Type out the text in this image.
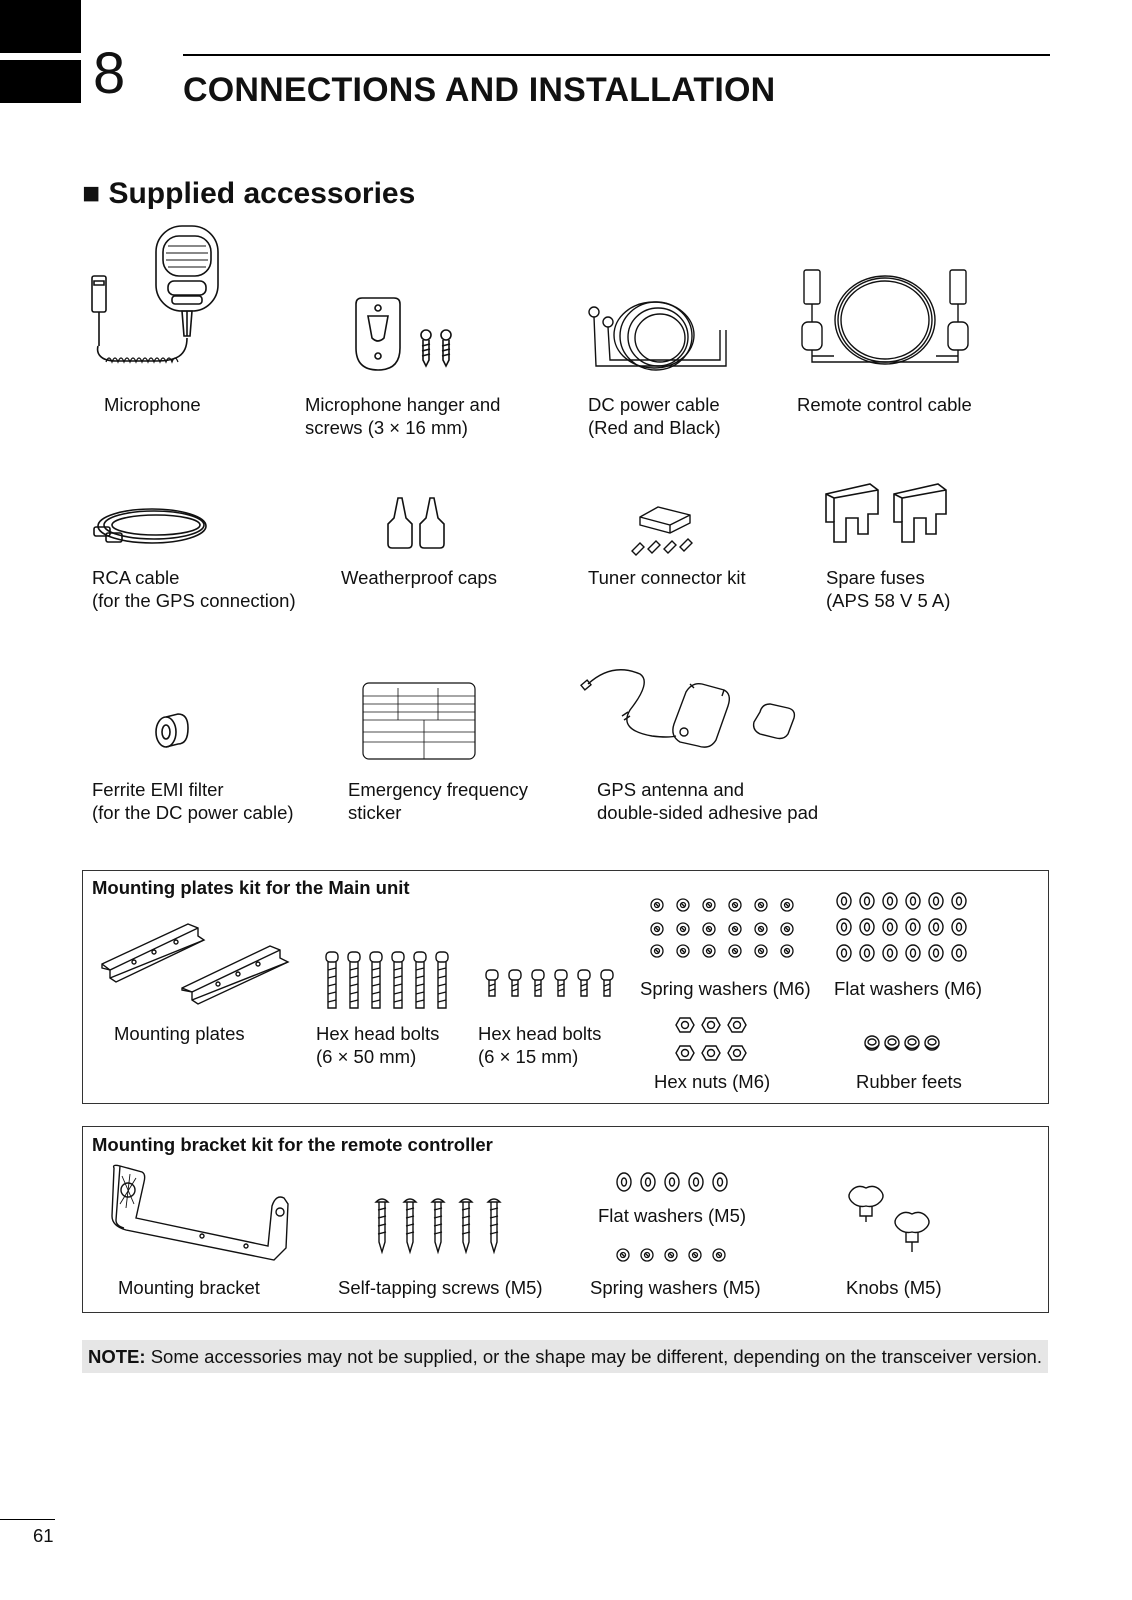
8 CONNECTIONS AND INSTALLATION
■ Supplied accessories
Microphone	Microphone hanger and
screws (3 × 16 mm)
DC power cable
(Red and Black)
Remote control cable
RCA cable
(for the GPS connection)
Weatherproof caps	Tuner connector kit	Spare fuses
(APS 58 V 5 A)
Ferrite EMI filter
(for the DC power cable)
Emergency frequency
sticker
GPS antenna and
double-sided adhesive pad
Mounting plates kit for the Main unit
Spring washers (M6) Flat washers (M6)
Mounting plates	Hex head bolts
(6 × 50 mm)
Hex head bolts
(6 × 15 mm)
Hex nuts (M6)	Rubber feets
Mounting bracket kit for the remote controller
Flat washers (M5)
Mounting bracket	Self-tapping screws (M5)	Spring washers (M5)	Knobs (M5)
NOTE: Some accessories may not be supplied, or the shape may be different, depending on the transceiver version.
61
